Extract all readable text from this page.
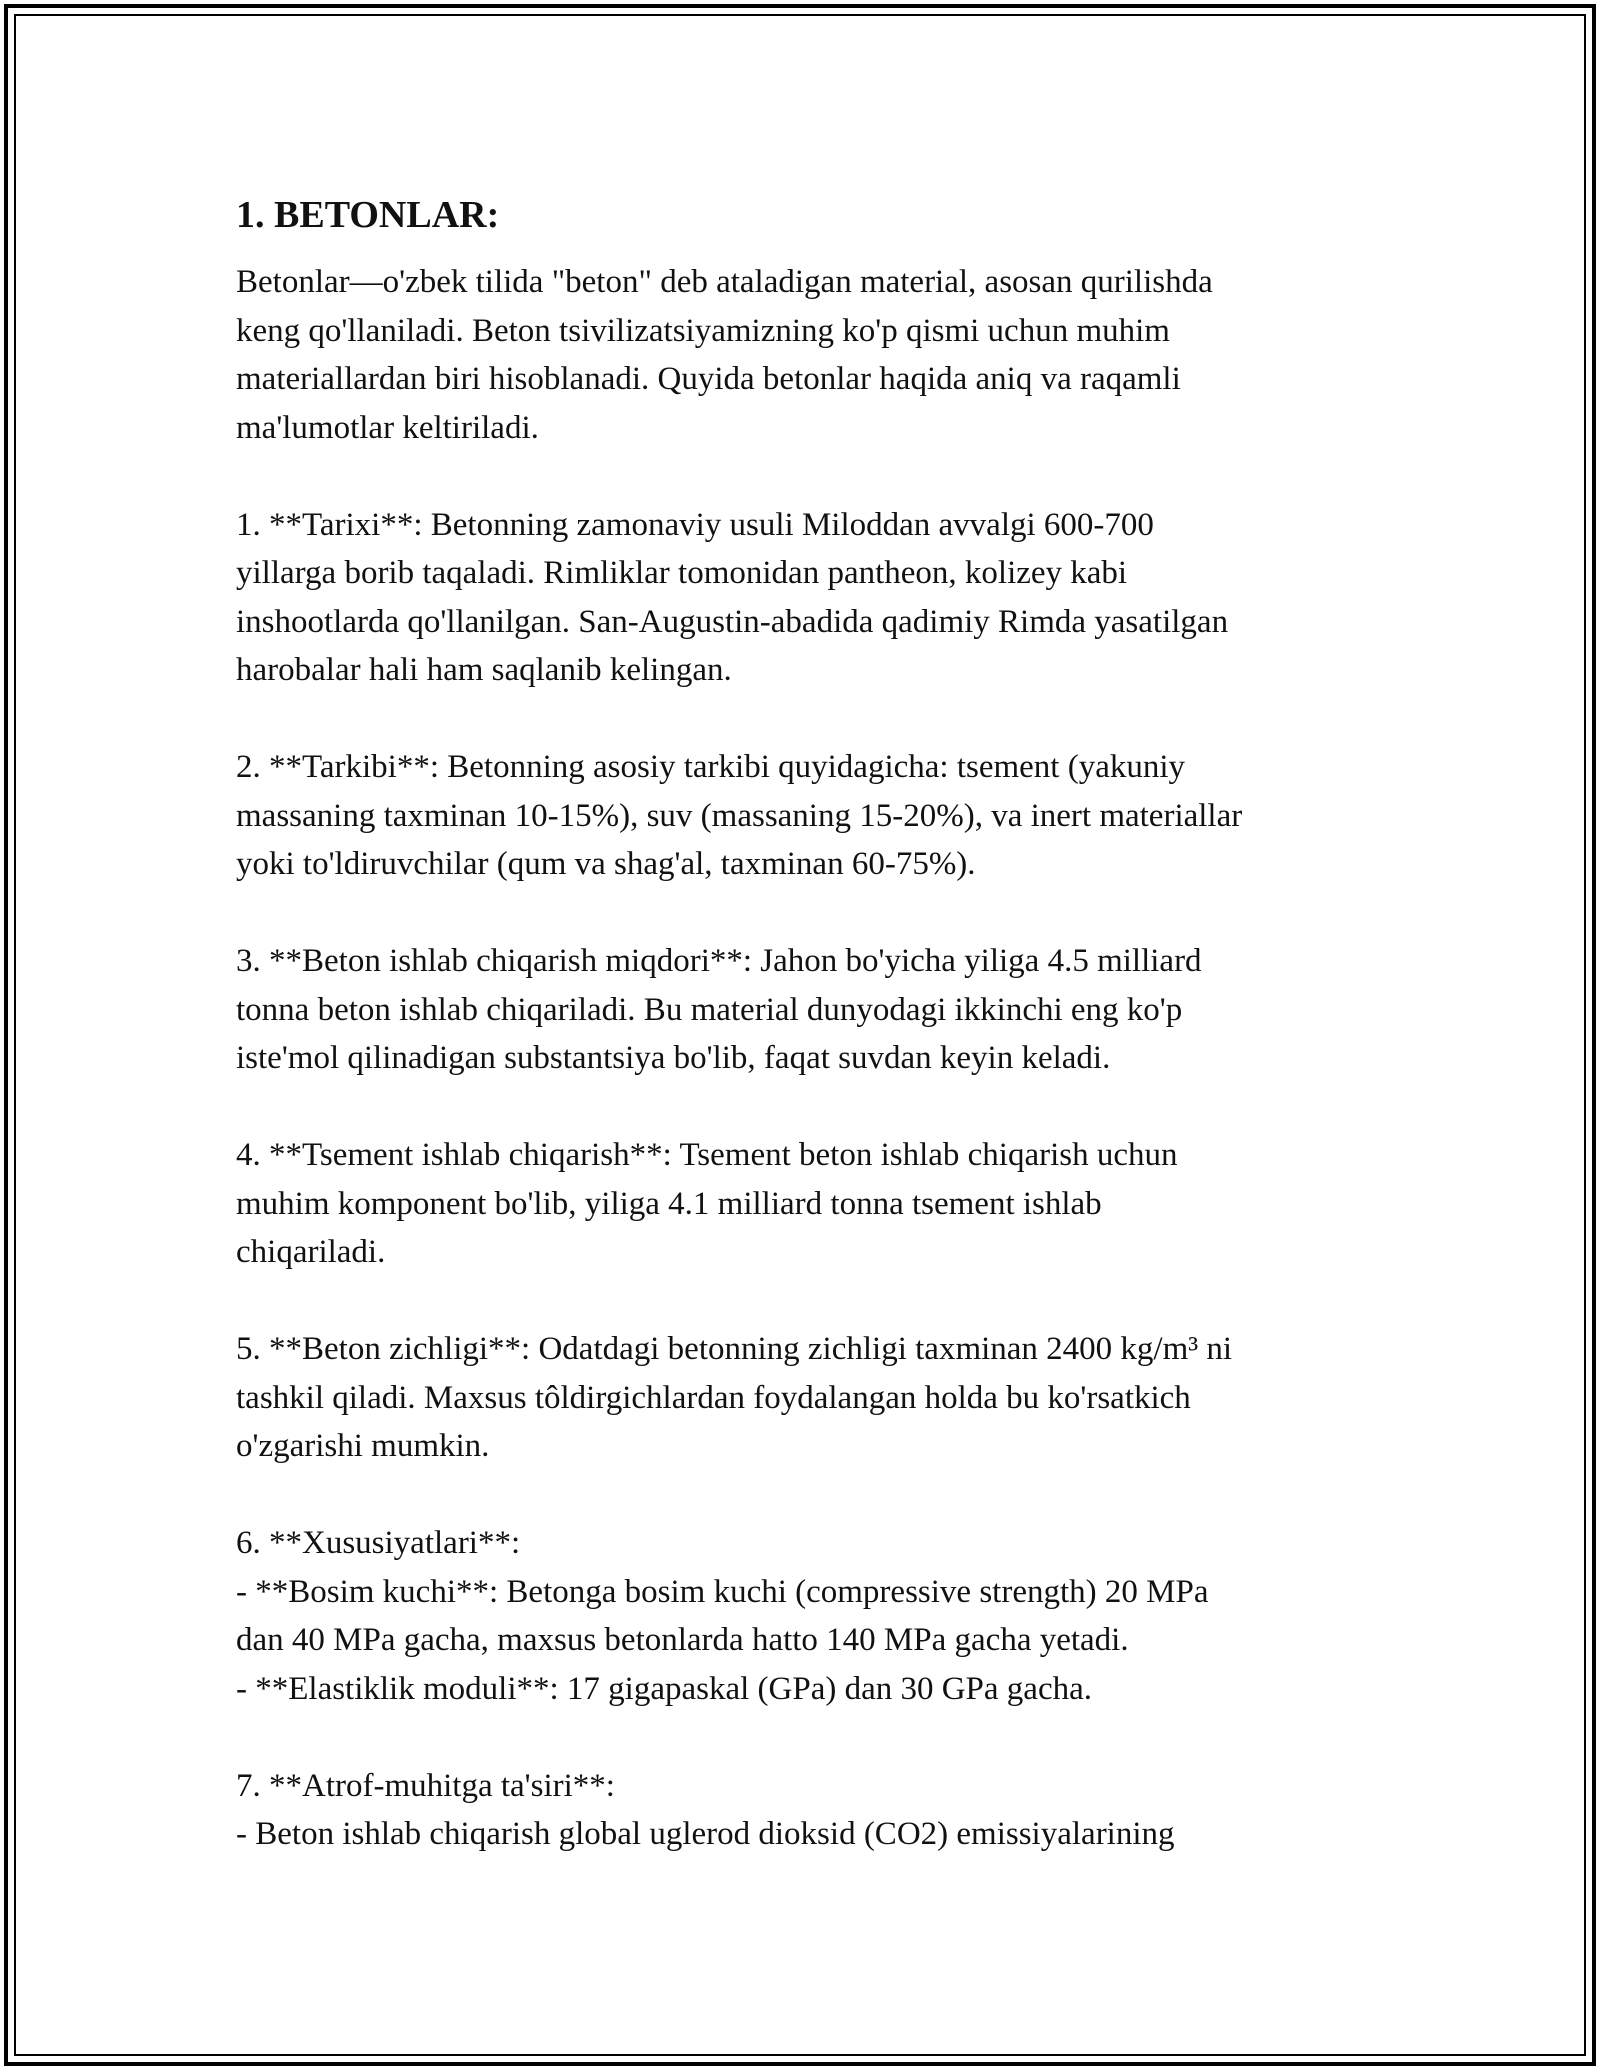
1. BETONLAR:

Betonlar—o'zbek tilida "beton" deb ataladigan material, asosan qurilishda
keng qo'llaniladi. Beton tsivilizatsiyamizning ko'p qismi uchun muhim
materiallardan biri hisoblanadi. Quyida betonlar haqida aniq va raqamli
ma'lumotlar keltiriladi.

1. **Tarixi**: Betonning zamonaviy usuli Miloddan avvalgi 600-700
yillarga borib taqaladi. Rimliklar tomonidan pantheon, kolizey kabi
inshootlarda qo'llanilgan. San-Augustin-abadida qadimiy Rimda yasatilgan
harobalar hali ham saqlanib kelingan.

2. **Tarkibi**: Betonning asosiy tarkibi quyidagicha: tsement (yakuniy
massaning taxminan 10-15%), suv (massaning 15-20%), va inert materiallar
yoki to'ldiruvchilar (qum va shag'al, taxminan 60-75%).

3. **Beton ishlab chiqarish miqdori**: Jahon bo'yicha yiliga 4.5 milliard
tonna beton ishlab chiqariladi. Bu material dunyodagi ikkinchi eng ko'p
iste'mol qilinadigan substantsiya bo'lib, faqat suvdan keyin keladi.

4. **Tsement ishlab chiqarish**: Tsement beton ishlab chiqarish uchun
muhim komponent bo'lib, yiliga 4.1 milliard tonna tsement ishlab
chiqariladi.

5. **Beton zichligi**: Odatdagi betonning zichligi taxminan 2400 kg/m³ ni
tashkil qiladi. Maxsus tôldirgichlardan foydalangan holda bu ko'rsatkich
o'zgarishi mumkin.

6. **Xususiyatlari**:
- **Bosim kuchi**: Betonga bosim kuchi (compressive strength) 20 MPa
dan 40 MPa gacha, maxsus betonlarda hatto 140 MPa gacha yetadi.
- **Elastiklik moduli**: 17 gigapaskal (GPa) dan 30 GPa gacha.

7. **Atrof-muhitga ta'siri**:
- Beton ishlab chiqarish global uglerod dioksid (CO2) emissiyalarining
